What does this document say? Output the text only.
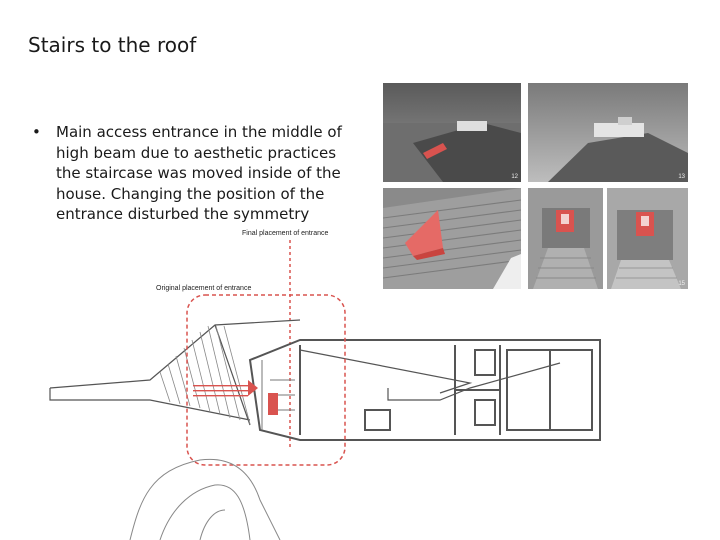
Stairs to the roof
• Main access entrance in the middle of high beam due to aesthetic practices the staircase was moved inside of the house. Changing the position of the entrance disturbed the symmetry
12	13
15
Final placement of entrance
Original placement of entrance
